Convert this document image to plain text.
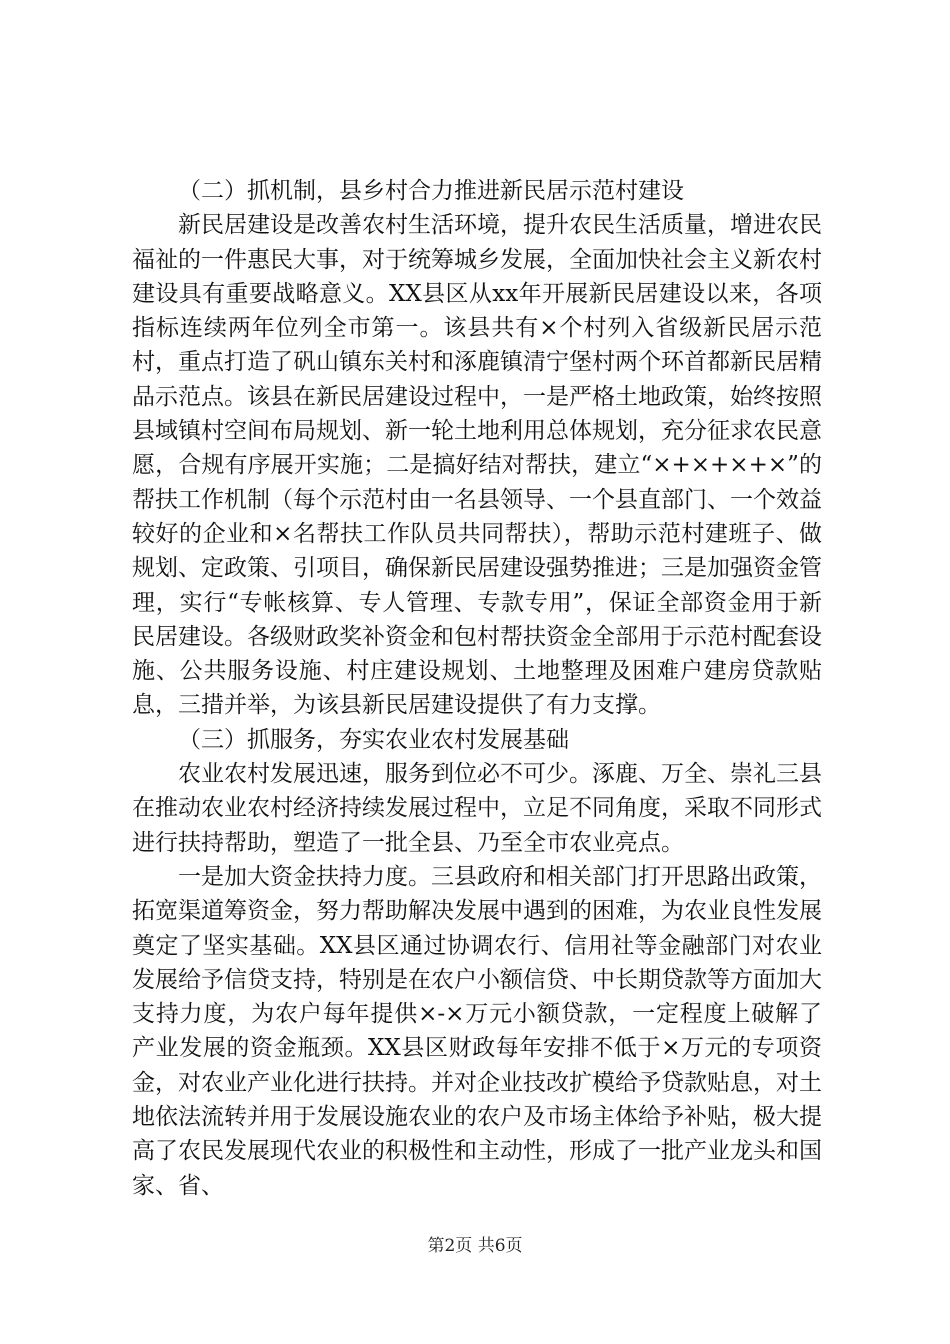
（二）抓机制，县乡村合力推进新民居示范村建设

新民居建设是改善农村生活环境，提升农民生活质量，增进农民福祉的一件惠民大事，对于统筹城乡发展，全面加快社会主义新农村建设具有重要战略意义。XX县区从xx年开展新民居建设以来，各项指标连续两年位列全市第一。该县共有×个村列入省级新民居示范村，重点打造了矾山镇东关村和涿鹿镇清宁堡村两个环首都新民居精品示范点。该县在新民居建设过程中，一是严格土地政策，始终按照县域镇村空间布局规划、新一轮土地利用总体规划，充分征求农民意愿，合规有序展开实施；二是搞好结对帮扶，建立“×+×+×+×”的帮扶工作机制（每个示范村由一名县领导、一个县直部门、一个效益较好的企业和×名帮扶工作队员共同帮扶），帮助示范村建班子、做规划、定政策、引项目，确保新民居建设强势推进；三是加强资金管理，实行“专帐核算、专人管理、专款专用”，保证全部资金用于新民居建设。各级财政奖补资金和包村帮扶资金全部用于示范村配套设施、公共服务设施、村庄建设规划、土地整理及困难户建房贷款贴息，三措并举，为该县新民居建设提供了有力支撑。

（三）抓服务，夯实农业农村发展基础

农业农村发展迅速，服务到位必不可少。涿鹿、万全、崇礼三县在推动农业农村经济持续发展过程中，立足不同角度，采取不同形式进行扶持帮助，塑造了一批全县、乃至全市农业亮点。

一是加大资金扶持力度。三县政府和相关部门打开思路出政策，拓宽渠道筹资金，努力帮助解决发展中遇到的困难，为农业良性发展奠定了坚实基础。XX县区通过协调农行、信用社等金融部门对农业发展给予信贷支持，特别是在农户小额信贷、中长期贷款等方面加大支持力度，为农户每年提供×-×万元小额贷款，一定程度上破解了产业发展的资金瓶颈。XX县区财政每年安排不低于×万元的专项资金，对农业产业化进行扶持。并对企业技改扩模给予贷款贴息，对土地依法流转并用于发展设施农业的农户及市场主体给予补贴，极大提高了农民发展现代农业的积极性和主动性，形成了一批产业龙头和国家、省、

第2页 共6页
